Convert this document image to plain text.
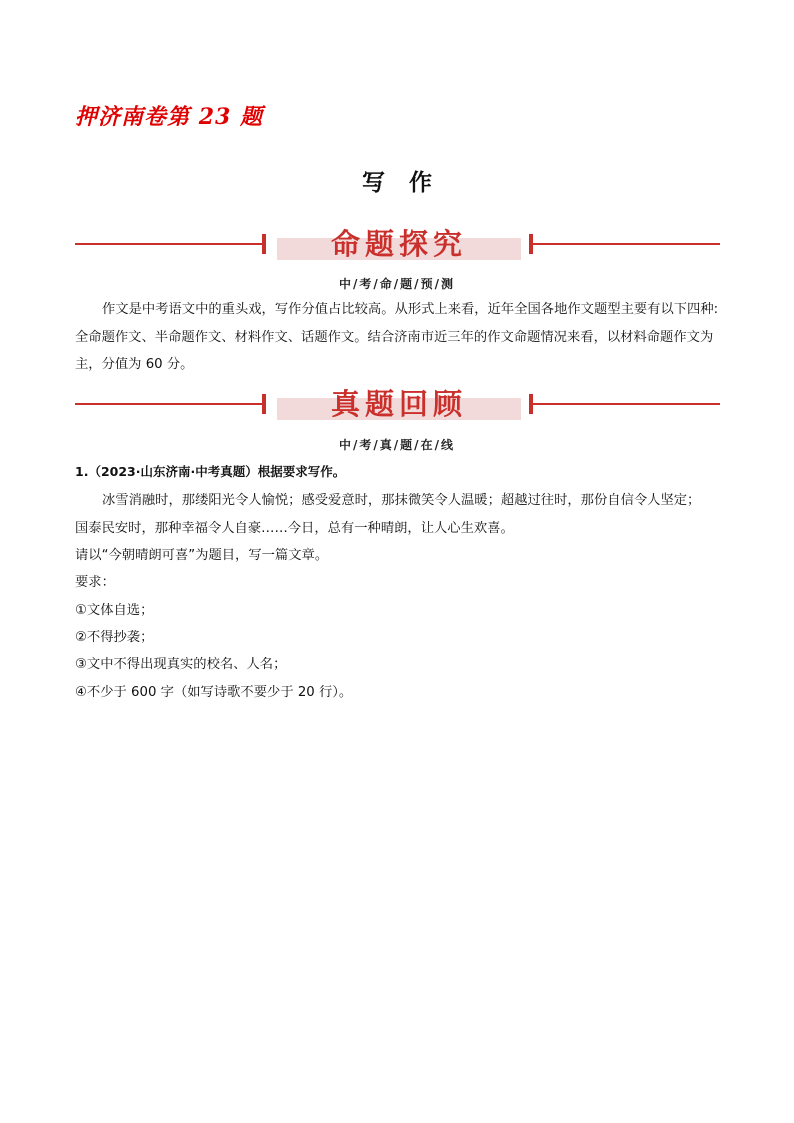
押济南卷第 23 题
写作
命题探究
中/考/命/题/预/测
作文是中考语文中的重头戏，写作分值占比较高。从形式上来看，近年全国各地作文题型主要有以下四种:全命题作文、半命题作文、材料作文、话题作文。结合济南市近三年的作文命题情况来看，以材料命题作文为主，分值为 60 分。
真题回顾
中/考/真/题/在/线
1.（2023·山东济南·中考真题）根据要求写作。
冰雪消融时，那缕阳光令人愉悦；感受爱意时，那抹微笑令人温暖；超越过往时，那份自信令人坚定；
国泰民安时，那种幸福令人自豪……今日，总有一种晴朗，让人心生欢喜。
请以“今朝晴朗可喜”为题目，写一篇文章。
要求：
①文体自选；
②不得抄袭；
③文中不得出现真实的校名、人名；
④不少于 600 字（如写诗歌不要少于 20 行）。
